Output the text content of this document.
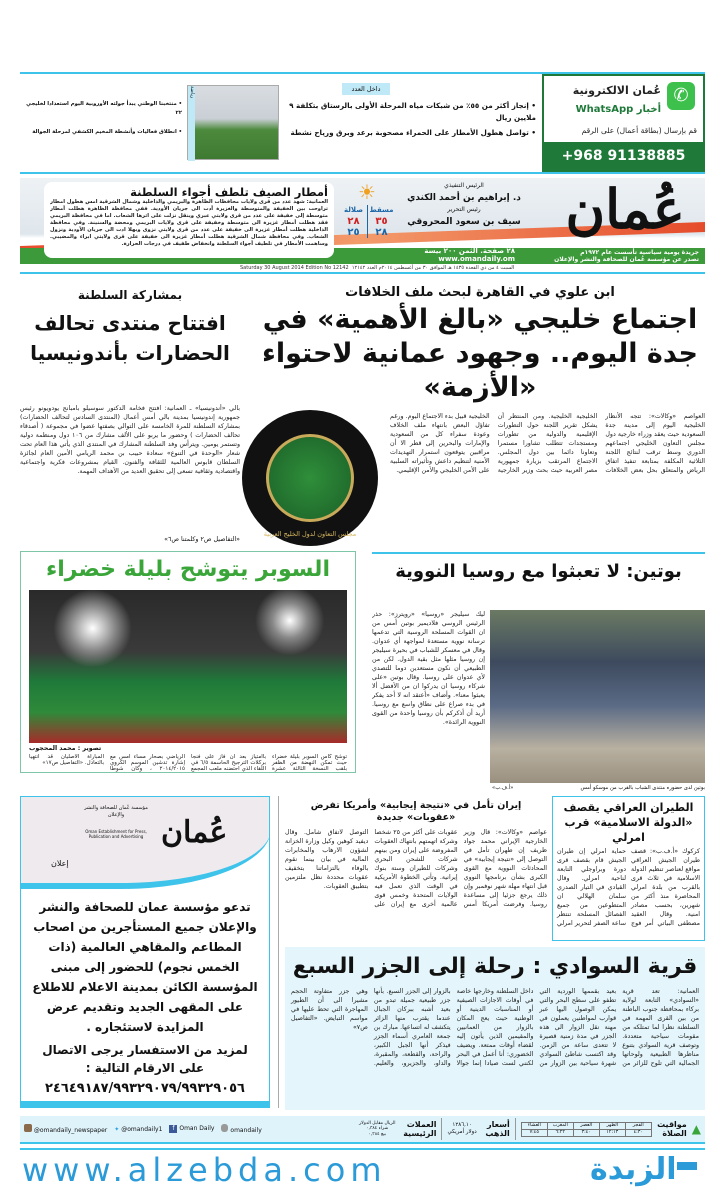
✆
عُمان الالكترونية
أخبار WhatsApp
قم بإرسال (بطاقة أعمال) على الرقم
+968 91138885
داخل العدد
• إنجاز أكثر من ٥٥٪ من شبكات مياه المرحلة الأولى بالرستاق بتكلفة ٩ ملايين ريال
• تواصل هطول الأمطار على الحمراء مصحوبة برعد وبرق ورياح نشطة
رياضة
• منتخبنا الوطني يبدأ جولته الأوروبية اليوم استعدادا لخليجي ٢٢
• انطلاق فعاليات وأنشطة المخيم الكشفي لمرحلة الجوالة
عُمان
جريدة يومية سياسية تأسست عام ١٩٧٢م
تصدر عن مؤسسة عُمان للصحافة والنشر والإعلان
٢٨ صفحة. الثمن ٢٠٠ بيسة
www.omandaily.om
الرئيس التنفيذي
د. إبراهيم بن أحمد الكندي
رئيس التحرير
سيف بن سعود المحروقي
☀
مسقط
٣٥
٢٨
صلالة
٢٨
٢٥
أمطار الصيف تلطف أجواء السلطنة
العمانية: شهد عدد من قرى ولايات محافظات الظاهرة والبريمي والداخلية وشمال الشرقية أمس هطول أمطار تراوحت بين الخفيفة والمتوسطة والغزيرة أدت الى جريان الأودية. ففي محافظة الظاهرة هطلت أمطار متوسطة إلى خفيفة على عدد من قرى ولايتي عبري وينقل نزلت على اثرها الشعاب. اما في محافظة البريمي فقد هطلت أمطار غزيرة الى متوسطة وخفيفة على قرى ولايات البريمي ومحضة والسنينة. وفي محافظة الداخلية هطلت أمطار غزيرة الى خفيفة على عدد من قرى ولايتي نزوى وبهلا ادت الى جريان الأودية ونزول الشعاب. وفي محافظة شمال الشرقية هطلت أمطار غزيرة الى خفيفة على قرى ولايتي ابراء والمضيبي. وساهمت الأمطار في تلطيف أجواء السلطنة وانخفاض طفيف في درجات الحرارة.
Saturday 30 August 2014 Edition No 12142 السبت ٤ من ذي القعدة ١٤٣٥ هـ الموافق ٣٠ من أغسطس ٢٠١٤م العدد ١٢١٤٢
ابن علوي في القاهرة لبحث ملف الخلافات
اجتماع خليجي «بالغ الأهمية» في جدة اليوم.. وجهود عمانية لاحتواء «الأزمة»
مجلس التعاون لدول الخليج العربية
العواصم «وكالات»: تتجه الأنظار الخليجية اليوم إلى مدينة جدة السعودية حيث يعقد وزراء خارجية دول مجلس التعاون الخليجي اجتماعهم الدوري وسط ترقب لنتائج اللجنة الثلاثية المكلفة بمتابعة تنفيذ اتفاق الرياض والمتعلق بحل بعض الخلافات الخليجية الخليجية. ومن المنتظر أن يشكل تقرير اللجنة حول التطورات الإقليمية والدولية من تطورات ومستجدات تتطلب تشاورا مستمرا وتعاونا دائما بين دول المجلس. الاجتماع المرتقب بزيارة جمهورية مصر العربية حيث بحث وزير الخارجية الخليجية قبيل بدء الاجتماع اليوم. ورغم تفاؤل البعض بانتهاء ملف الخلاف وعودة سفراء كل من السعودية والإمارات والبحرين إلى قطر الا أن مراقبين يتوقعون استمرار التهديدات الأمنية لتنظيم داعش وتأثيراته السلبية على الأمن الخليجي والأمن الإقليمي.
بمشاركة السلطنة
افتتاح منتدى تحالف الحضارات بأندونيسيا
بالي «أندونيسيا» ـ العمانية: افتتح فخامة الدكتور سوسيلو بامبانج يودويونو رئيس جمهورية إندونيسيا بمدينة بالي أمس أعمال (المنتدى السادس لتحالف الحضارات) بمشاركة السلطنة للمرة الخامسة على التوالي بصفتها عضوا في مجموعة ( أصدقاء تحالف الحضارات ) وحضور ما يربو على الألف مشارك من ١٠٦ دول ومنظمة دولية وتستمر يومين. ويترأس وفد السلطنة المشارك في المنتدى الذي يأتي هذا العام تحت شعار «الوحدة في التنوع» سعادة حبيب بن محمد الريامي الأمين العام لجائزة السلطان قابوس العالمية للثقافة والفنون. القيام بمشروعات فكرية واجتماعية واقتصادية وثقافية تسعى إلى تحقيق العديد من الأهداف المهمة.
«التفاصيل ص٢ وكلمتنا ص٦»
السوبر يتوشح بليلة خضراء
تصوير : محمد المحجوب
توشح كأس السوبر بليلة خضراء حيث تمكن النهضة من الظفر بلقب النسخة الثالثة عشرة باامتياز بعد أن فاز على فنجا بركلات الترجيح الحاسمة ٦/٥ في اللقاء الذي احتضنه ملعب المجمع الرياضي بصحار مساء أمس مع إشارة تدشين الموسم الكروي ٢٠١٤/٢٠١٥ ، وكان شوطا المباراة الأصليان قد انتهيا بالتعادل. «التفاصيل ص١٧»
بوتين: لا تعبثوا مع روسيا النووية
ليك سيليجر «روسيا» «رويترز»: حذر الرئيس الروسي فلاديمير بوتين أمس من ان القوات المسلحة الروسية التي تدعمها ترسانة نووية مستعدة لمواجهة أي عدوان. وقال في معسكر للشباب في بحيرة سيليجر إن روسيا مثلها مثل بقية الدول. لكن من الطبيعي أن نكون مستعدين دوما للتصدي لأي عدوان على روسيا. وقال بوتين «على شركاء روسيا ان يدركوا ان من الأفضل ألا يعبثوا معنا». وأضاف «أعتقد انه لا أحد يفكر في بدء صراع على نطاق واسع مع روسيا. أريد أن أذكركم بأن روسيا واحدة من القوى النووية الرائدة».
بوتين لدى حضوره منتدى الشباب بالقرب من موسكو أمس
«أ.ف.ب»
عُمان
مؤسسة عُمان للصحافة والنشر والإعلان
Oman Establishment for Press, Publication and Advertising
إعلان
تدعو مؤسسة عمان للصحافة والنشر والإعلان جميع المستأجرين من اصحاب المطاعم والمقاهي العالمية (ذات الخمس نجوم) للحضور إلى مبنى المؤسسة الكائن بمدينة الاعلام للاطلاع على المقهى الجديد وتقديم عرض المزايدة لاستئجاره .
لمزيد من الاستفسار يرجى الاتصال على الارقام التالية :
٢٤٦٤٩١٨٧/٩٩٣٢٩٠٧٩/٩٩٣٢٩٠٥٦
إيران تأمل في «نتيجة إيجابية» وأمريكا تفرض «عقوبات» جديدة
عواصم «وكالات»: قال وزير الخارجية الإيراني محمد جواد ظريف إن طهران تأمل في التوصل إلى «نتيجة إيجابية» في المحادثات النووية مع القوى الكبرى بشأن برنامجها النووي قبل انتهاء مهلة شهر نوفمبر وإن ذلك يرجع جزئيا إلى مساعدة روسيا. وفرضت أمريكا أمس عقوبات على أكثر من ٢٥ شخصا وشركة اتهمتهم بانتهاك العقوبات المفروضة على إيران ومن بينهم شركات للشحن البحري وشركات للطيران وستة بنوك إيرانية. وتأتي الخطوة الأمريكية في الوقت الذي تعمل فيه الولايات المتحدة وخمس قوى عالمية أخرى مع إيران على التوصل لاتفاق شامل. وقال ديفيد كوهين وكيل وزارة الخزانة لشؤون الارهاب والمخابرات المالية في بيان بينما نقوم بالوفاء بالتزاماتنا بتخفيف عقوبات محددة نظل ملتزمين بتطبيق العقوبات.
الطيران العراقي يقصف «الدولة الاسلامية» قرب امرلي
كركوك «أ.ف.ب»: قصف طيران الجيش العراقي مواقع لعناصر تنظيم الدولة الاسلامية في ثلاث قرى بالقرب من بلدة امرلي المحاصرة منذ أكثر من شهرين، بحسب مصادر امنية. وقال العقيد مصطفى البياتي أمر فوج حماية امرلي إن طيران الجيش قام بقصف قرى دورة وبراوجلي التابعة لناحية امرلي. وقال القيادي في التيار الصدري سلمان الهلالي ان المتطوعين من جميع الفصائل المسلحة تنتظر ساعة الصفر لتحرير امرلي
قرية السوادي : رحلة إلى الجزر السبع
العمانية: تعد قرية «السوادي» التابعة لولاية بركاء بمحافظة جنوب الباطنة من بين القرى المهمة في السلطنة نظرا لما تمتلكه من مقومات سياحية متعددة. وتوصف قرية السوادي بتنوع مناظرها الطبيعية ولوحاتها الجمالية التي تلوح للزائر من بعيد بقممها الوردية التي تطفو على سطح البحر والتي يمكن الوصول اليها عبر قوارب لمواطنين يعملون في مهنة نقل الزوار الى هذه الجزر في مدة زمنية قصيرة لا تتعدى ساعة من الزمن. وقد اكتسب شاطئ السوادي شهرة سياحية بين الزوار من داخل السلطنة وخارجها خاصة في أوقات الاجازات الصيفية أو المناسبات الدينية أو الوطنية حيث يعج المكان بالزوار من العمانيين والمقيمين الذين يأتون إليه لقضاء أوقات ممتعة. ويضيف الخضوري: أنا أعمل في البحر لكنني لست صيادا إنما جوالا بالزوار إلى الجزر السبع. بأنها جزر طبيعية جميلة تبدو من بعيد أشبه ببركان الجبال عندما يقترب منها الزائر يتكشف له اتساعها. مبارك بن جمعة العامري أسماء الجزر فيذكر أنها الجبل الكبير، والراحة، والقطعة، والمقبرة، والداو، والجزيرو، والعليم. وهي جزر متفاوتة الحجم مشيرا الى أن الطيور المهاجرة التي تحط عليها في مواسم التبايض. «التفاصيل ص٧»
▲
مواقيت الصلاة
الفجر	الظهر	العصر	المغرب	العشاء
٤:٣٠	١٢:١٣	٣:٤٠	٦:٢٢	٧:٤٥
أسعار الذهب
١٢٨٦,١٠
دولار أمريكي
العملات الرئيسية
الريال مقابل الدولار
شراء ٠,٣٨٤
بيع ٠,٣٨٤
@omandaily_newspaper ✦ @omandaily1	f Oman Daily	omandaily
www.alzebda.com	الزبدة
